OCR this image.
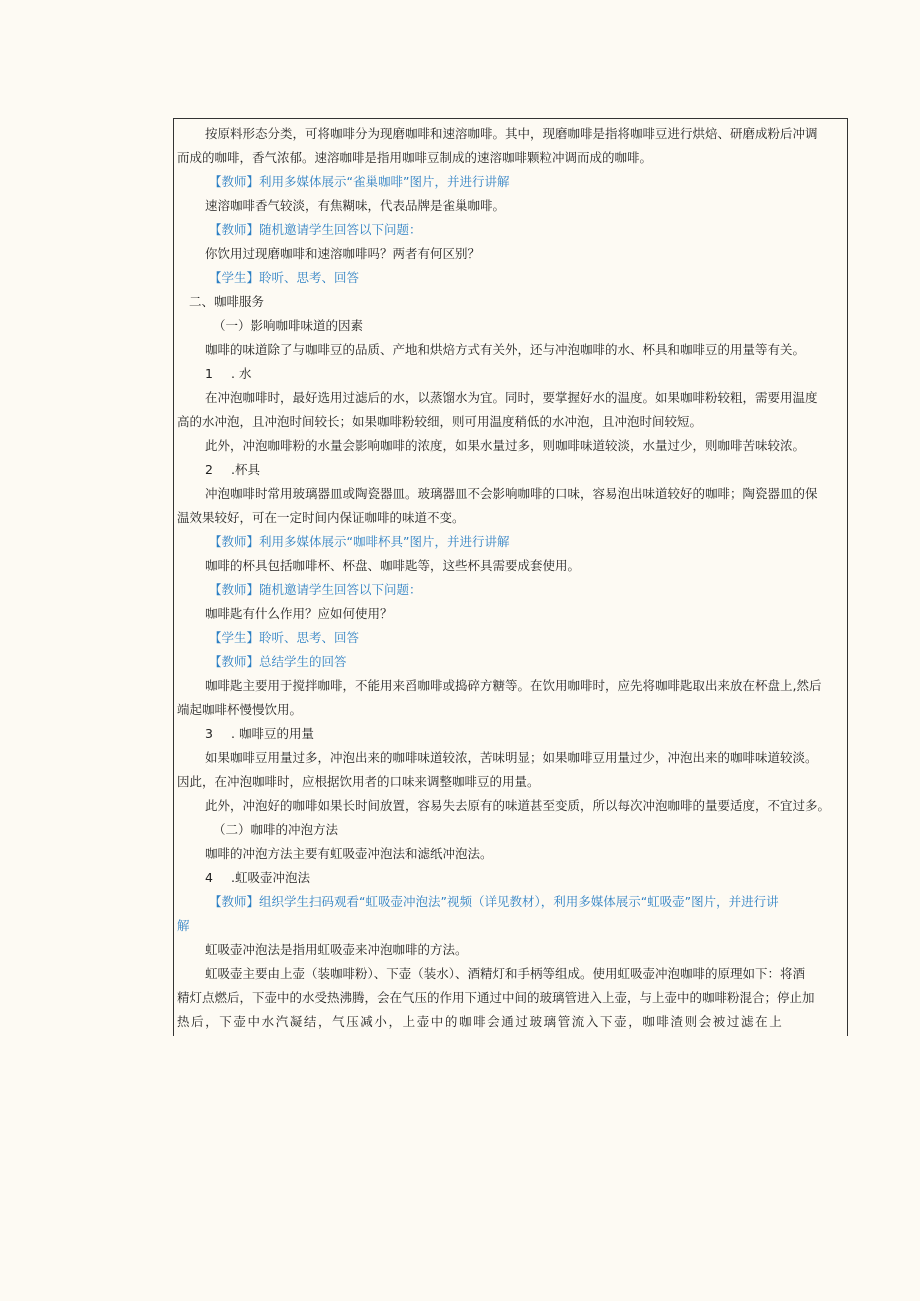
按原料形态分类，可将咖啡分为现磨咖啡和速溶咖啡。其中，现磨咖啡是指将咖啡豆进行烘焙、研磨成粉后冲调
而成的咖啡，香气浓郁。速溶咖啡是指用咖啡豆制成的速溶咖啡颗粒冲调而成的咖啡。
【教师】利用多媒体展示“雀巢咖啡”图片，并进行讲解
速溶咖啡香气较淡，有焦糊味，代表品牌是雀巢咖啡。
【教师】随机邀请学生回答以下问题：
你饮用过现磨咖啡和速溶咖啡吗？两者有何区别？
【学生】聆听、思考、回答
二、咖啡服务
（一）影响咖啡味道的因素
咖啡的味道除了与咖啡豆的品质、产地和烘焙方式有关外，还与冲泡咖啡的水、杯具和咖啡豆的用量等有关。
1 . 水
在冲泡咖啡时，最好选用过滤后的水，以蒸馏水为宜。同时，要掌握好水的温度。如果咖啡粉较粗，需要用温度
高的水冲泡，且冲泡时间较长；如果咖啡粉较细，则可用温度稍低的水冲泡，且冲泡时间较短。
此外，冲泡咖啡粉的水量会影响咖啡的浓度，如果水量过多，则咖啡味道较淡，水量过少，则咖啡苦味较浓。
2 .杯具
冲泡咖啡时常用玻璃器皿或陶瓷器皿。玻璃器皿不会影响咖啡的口味，容易泡出味道较好的咖啡；陶瓷器皿的保
温效果较好，可在一定时间内保证咖啡的味道不变。
【教师】利用多媒体展示“咖啡杯具”图片，并进行讲解
咖啡的杯具包括咖啡杯、杯盘、咖啡匙等，这些杯具需要成套使用。
【教师】随机邀请学生回答以下问题：
咖啡匙有什么作用？应如何使用？
【学生】聆听、思考、回答
【教师】总结学生的回答
咖啡匙主要用于搅拌咖啡，不能用来舀咖啡或捣碎方糖等。在饮用咖啡时，应先将咖啡匙取出来放在杯盘上,然后
端起咖啡杯慢慢饮用。
3 . 咖啡豆的用量
如果咖啡豆用量过多，冲泡出来的咖啡味道较浓，苦味明显；如果咖啡豆用量过少，冲泡出来的咖啡味道较淡。
因此，在冲泡咖啡时，应根据饮用者的口味来调整咖啡豆的用量。
此外，冲泡好的咖啡如果长时间放置，容易失去原有的味道甚至变质，所以每次冲泡咖啡的量要适度，不宜过多。
（二）咖啡的冲泡方法
咖啡的冲泡方法主要有虹吸壶冲泡法和滤纸冲泡法。
4 .虹吸壶冲泡法
【教师】组织学生扫码观看“虹吸壶冲泡法”视频（详见教材），利用多媒体展示“虹吸壶”图片，并进行讲
解
虹吸壶冲泡法是指用虹吸壶来冲泡咖啡的方法。
虹吸壶主要由上壶（装咖啡粉）、下壶（装水）、酒精灯和手柄等组成。使用虹吸壶冲泡咖啡的原理如下：将酒
精灯点燃后，下壶中的水受热沸腾，会在气压的作用下通过中间的玻璃管进入上壶，与上壶中的咖啡粉混合；停止加
热后，下壶中水汽凝结，气压减小，上壶中的咖啡会通过玻璃管流入下壶，咖啡渣则会被过滤在上
